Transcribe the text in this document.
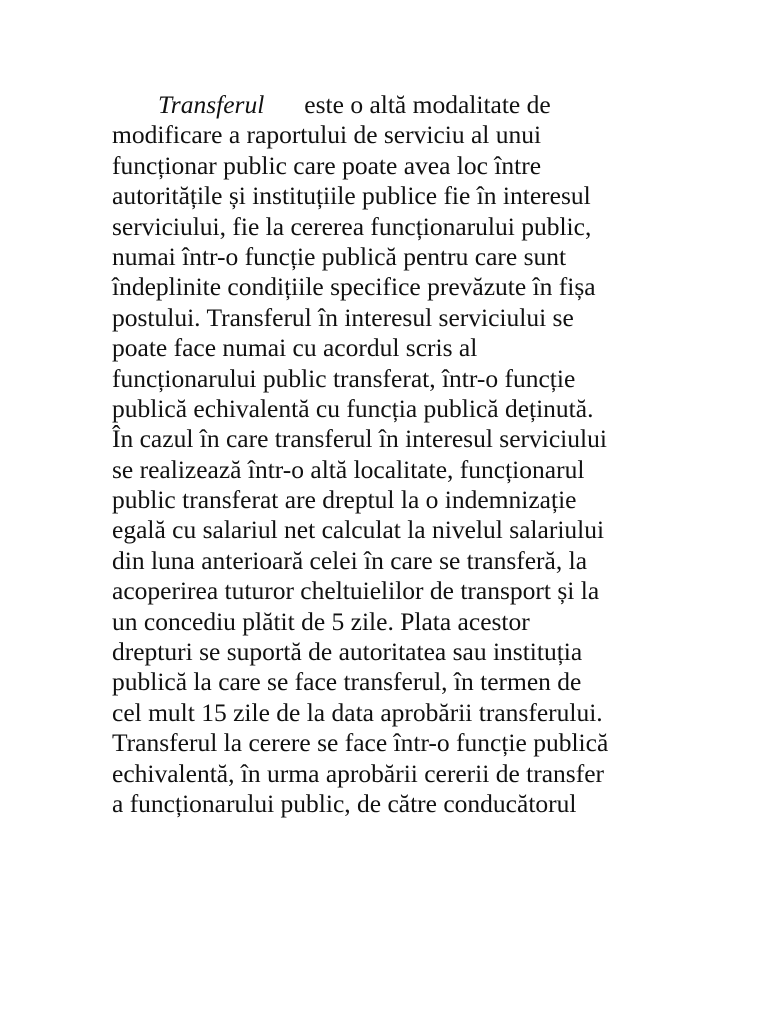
Transferul este o altă modalitate de
modificare a raportului de serviciu al unui
funcționar public care poate avea loc între
autoritățile și instituțiile publice fie în interesul
serviciului, fie la cererea funcționarului public,
numai într-o funcție publică pentru care sunt
îndeplinite condițiile specifice prevăzute în fișa
postului. Transferul în interesul serviciului se
poate face numai cu acordul scris al
funcționarului public transferat, într-o funcție
publică echivalentă cu funcția publică deținută.
În cazul în care transferul în interesul serviciului
se realizează într-o altă localitate, funcționarul
public transferat are dreptul la o indemnizație
egală cu salariul net calculat la nivelul salariului
din luna anterioară celei în care se transferă, la
acoperirea tuturor cheltuielilor de transport și la
un concediu plătit de 5 zile. Plata acestor
drepturi se suportă de autoritatea sau instituția
publică la care se face transferul, în termen de
cel mult 15 zile de la data aprobării transferului.
Transferul la cerere se face într-o funcție publică
echivalentă, în urma aprobării cererii de transfer
a funcționarului public, de către conducătorul
